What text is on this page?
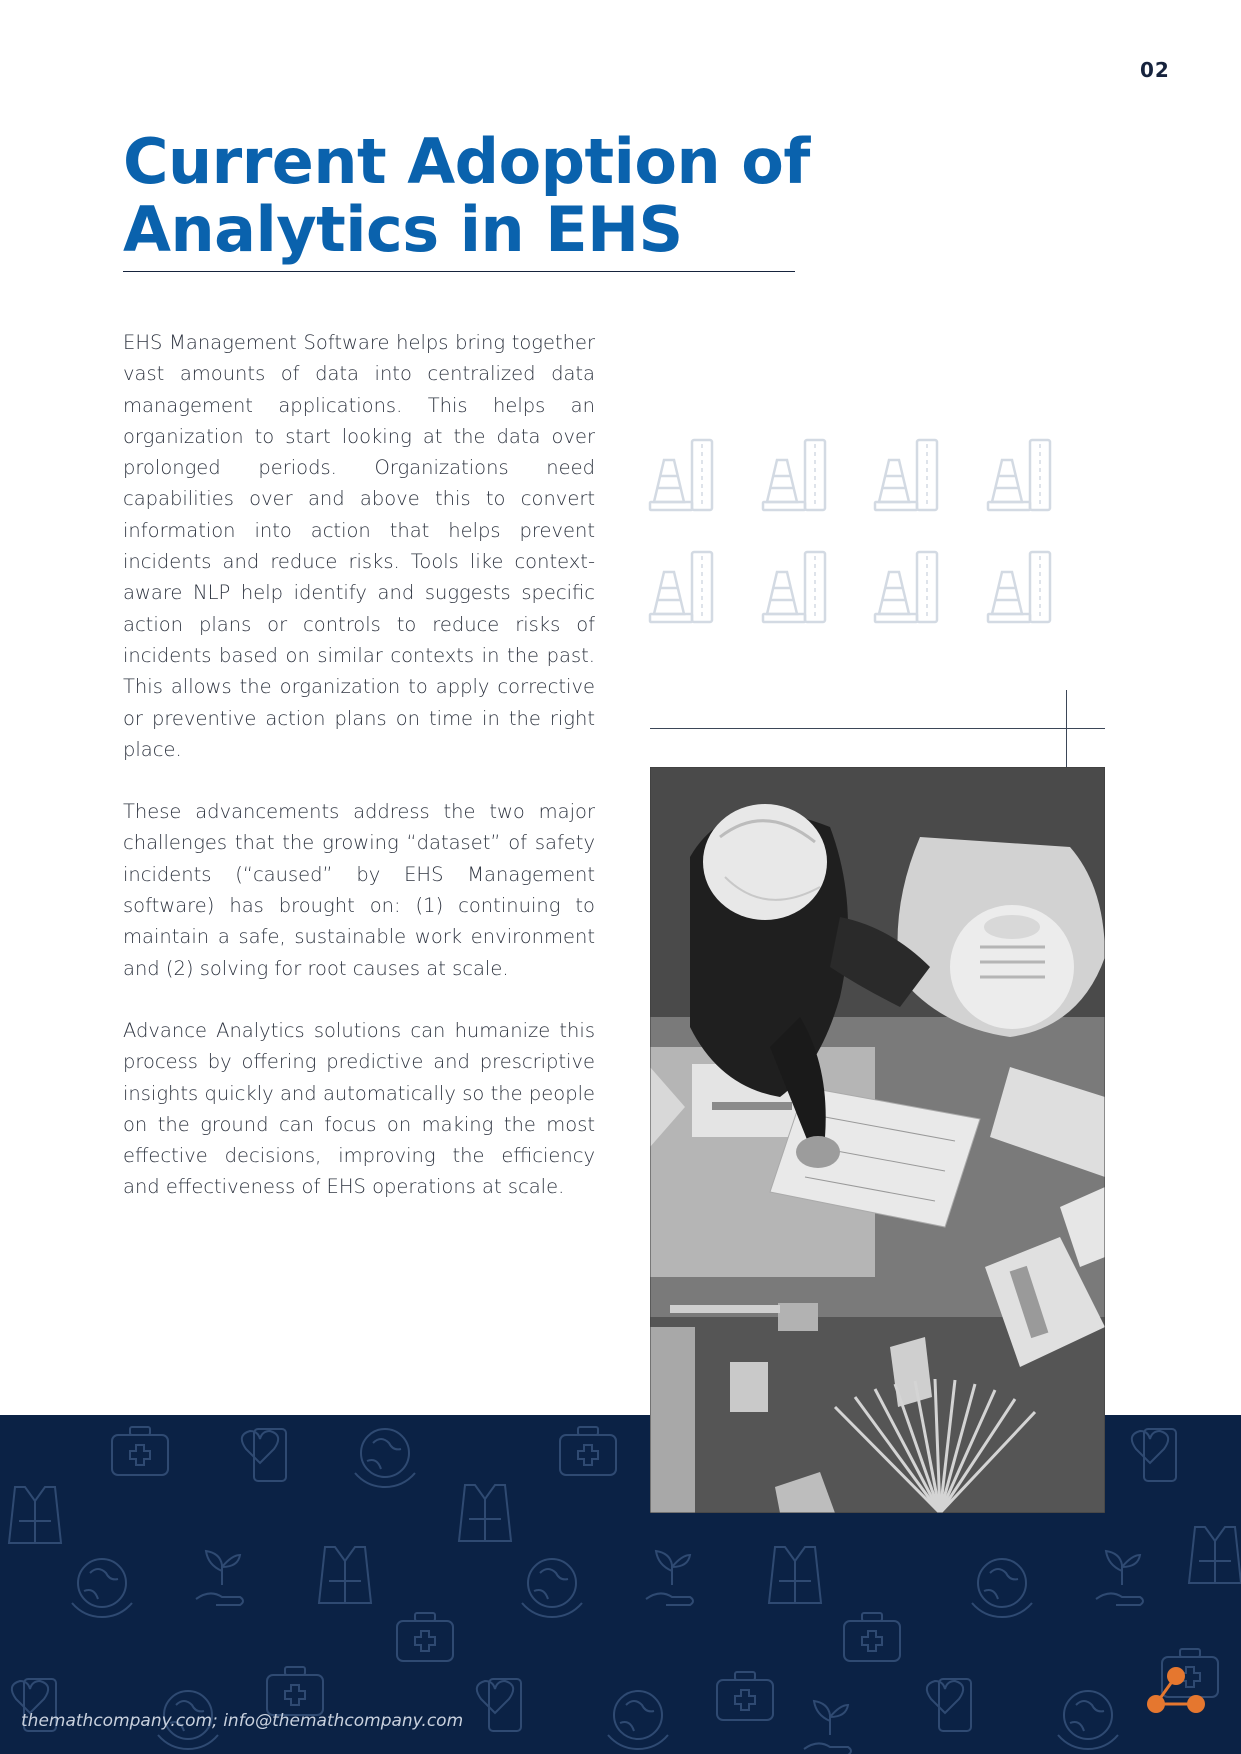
02
Current Adoption of
Analytics in EHS

EHS Management Software helps bring together vast amounts of data into centralized data management applications. This helps an organization to start looking at the data over prolonged periods. Organizations need capabilities over and above this to convert information into action that helps prevent incidents and reduce risks. Tools like context-aware NLP help identify and suggests specific action plans or controls to reduce risks of incidents based on similar contexts in the past. This allows the organization to apply corrective or preventive action plans on time in the right place.

These advancements address the two major challenges that the growing “dataset” of safety incidents (“caused” by EHS Management software) has brought on: (1) continuing to maintain a safe, sustainable work environment and (2) solving for root causes at scale.

Advance Analytics solutions can humanize this process by offering predictive and prescriptive insights quickly and automatically so the people on the ground can focus on making the most effective decisions, improving the efficiency and effectiveness of EHS operations at scale.

themathcompany.com; info@themathcompany.com
